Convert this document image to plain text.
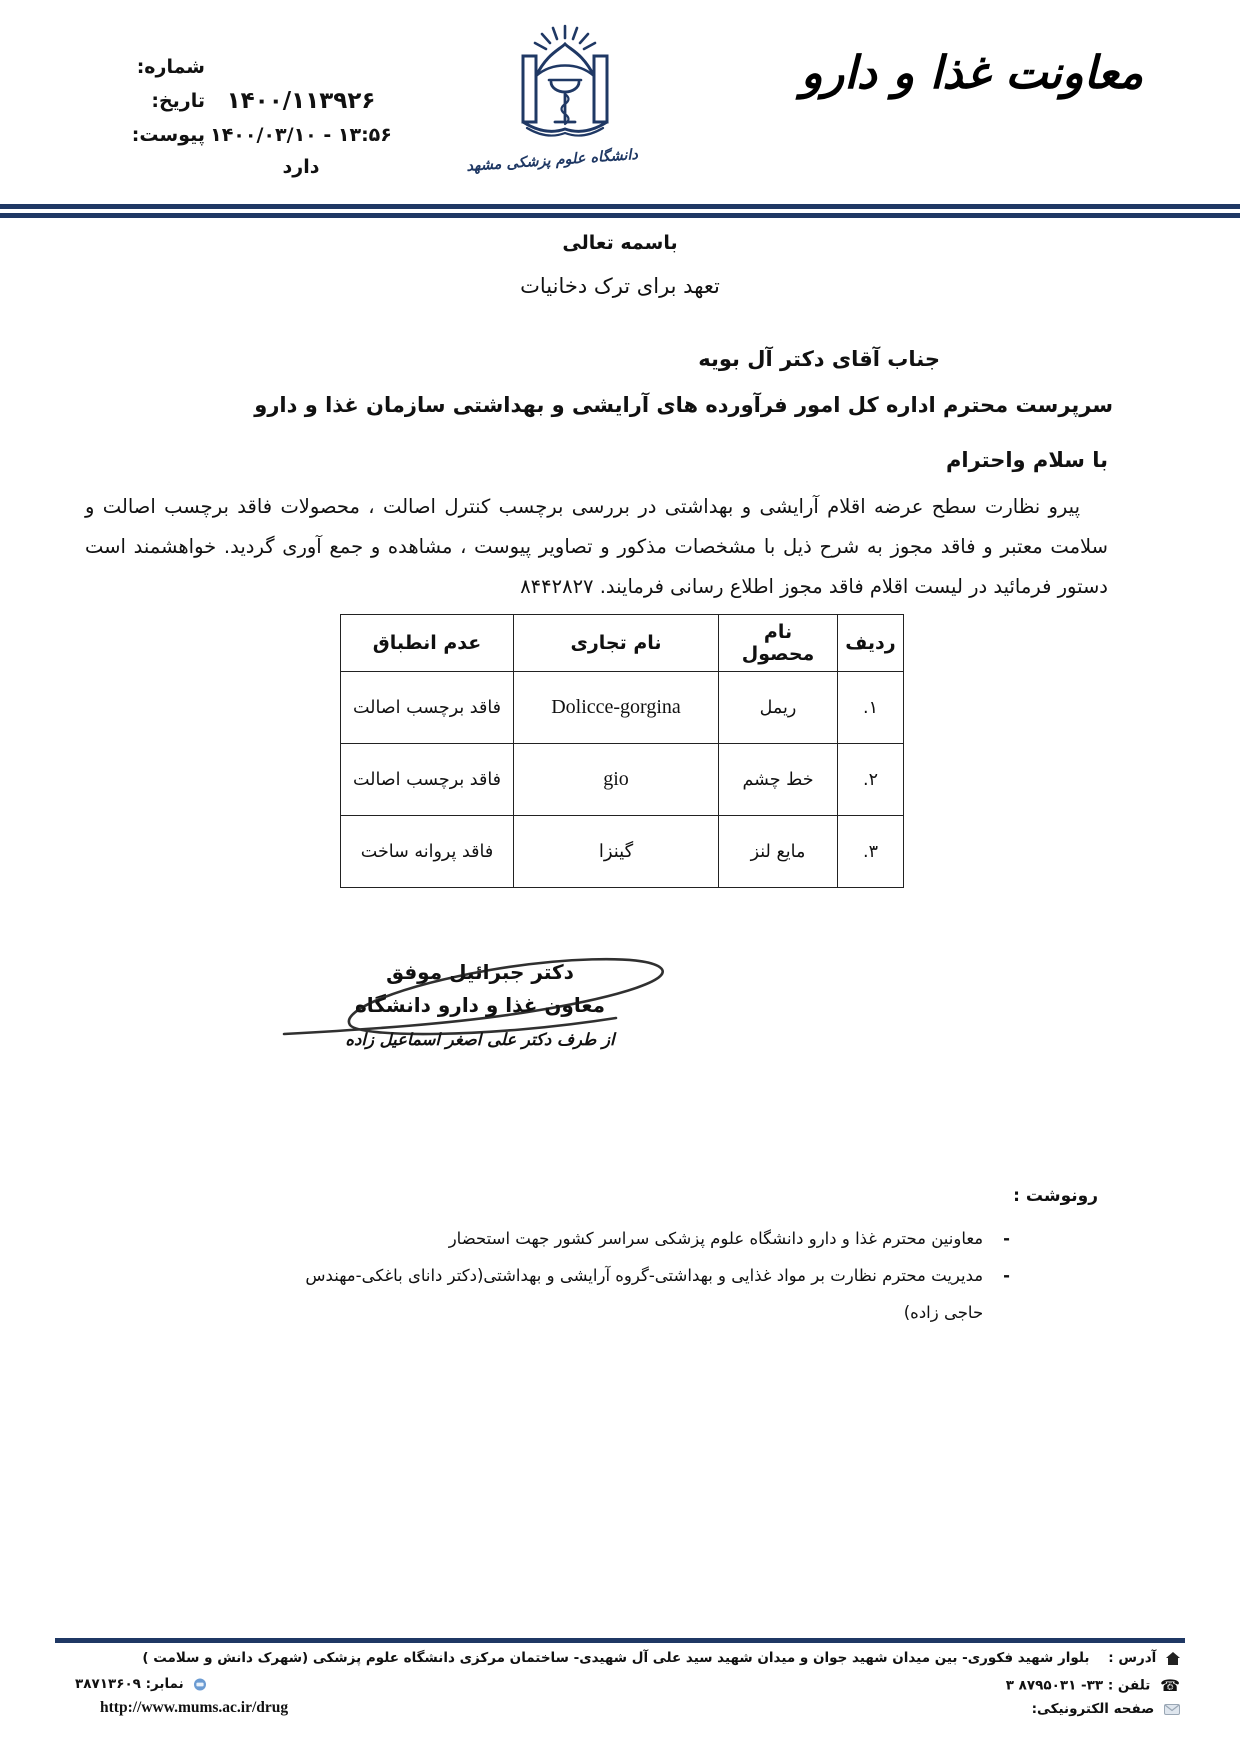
شماره:
۱۴۰۰/۱۱۳۹۲۶
تاریخ:
۱۳:۵۶ - ۱۴۰۰/۰۳/۱۰
پیوست:
دارد	دانشگاه علوم پزشکی مشهد
معاونت غذا و دارو
باسمه تعالی
تعهد برای ترک دخانیات
جناب آقای دکتر آل بویه
سرپرست محترم اداره کل امور فرآورده های آرایشی و بهداشتی سازمان غذا و دارو
با سلام واحترام
پیرو نظارت سطح عرضه اقلام آرایشی و بهداشتی در بررسی برچسب کنترل اصالت ، محصولات فاقد برچسب اصالت و سلامت معتبر و فاقد مجوز به شرح ذیل با مشخصات مذکور و تصاویر پیوست ، مشاهده و جمع آوری گردید. خواهشمند است دستور فرمائید در لیست اقلام فاقد مجوز اطلاع رسانی فرمایند. ۸۴۴۲۸۲۷
ردیف	نام محصول	نام تجاری	عدم انطباق
۱.	ریمل	Dolicce-gorgina	فاقد برچسب اصالت
۲.	خط چشم	gio	فاقد برچسب اصالت
۳.	مایع لنز	گینزا	فاقد پروانه ساخت
دکتر جبرائیل موفق
معاون غذا و دارو دانشگاه
از طرف دکتر علی اصغر اسماعیل زاده
رونوشت :
-
معاونین محترم غذا و دارو دانشگاه علوم پزشکی سراسر کشور جهت استحضار
-
مدیریت محترم نظارت بر مواد غذایی و بهداشتی-گروه آرایشی و بهداشتی(دکتر دانای باغکی-مهندس حاجی زاده)
آدرس :    بلوار شهید فکوری- بین میدان شهید جوان و میدان شهید سید علی آل شهیدی- ساختمان مرکزی دانشگاه علوم پزشکی (شهرک دانش و سلامت )
☎ تلفن : ۳ ۸۷۹۵۰۳۱ -۳۳
نمابر: ۳۸۷۱۳۶۰۹
صفحه الکترونیکی:
http://www.mums.ac.ir/drug
